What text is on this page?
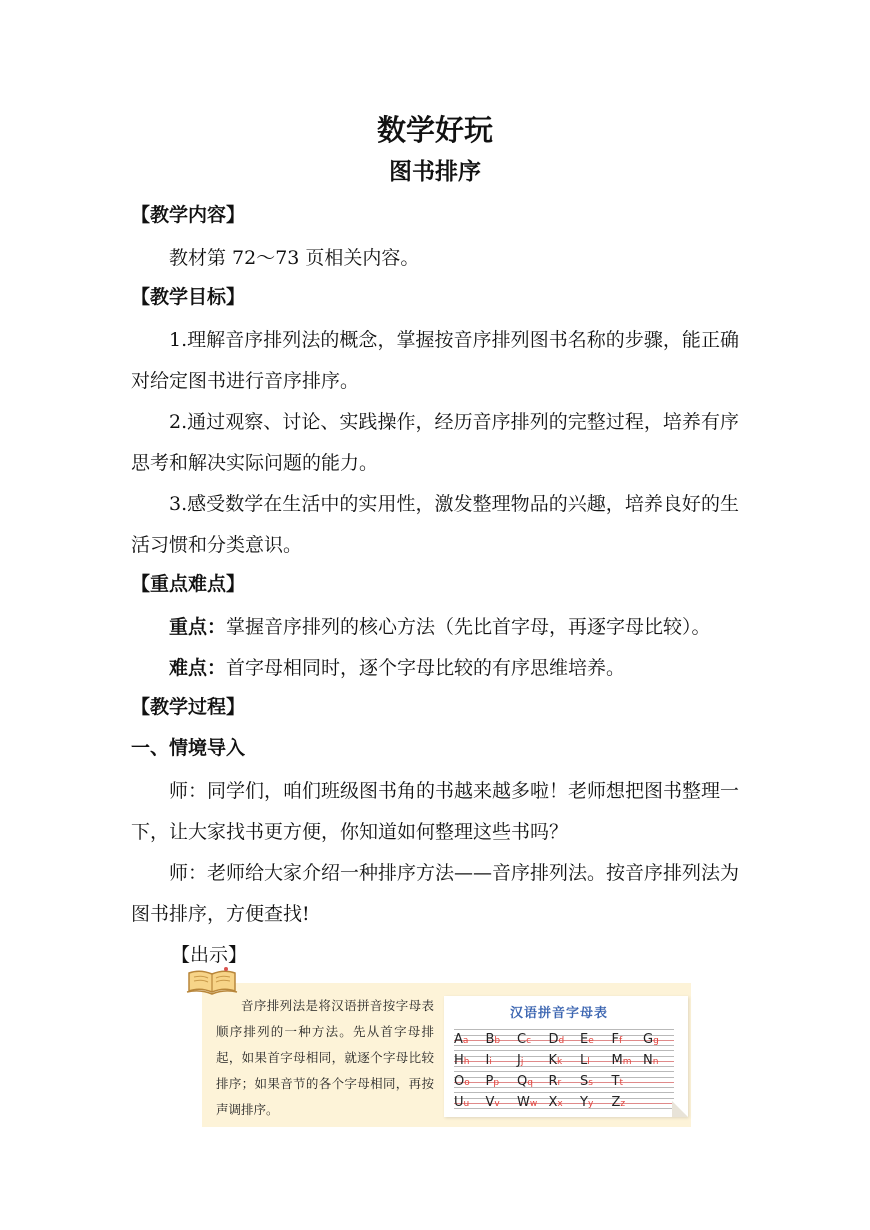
数学好玩
图书排序
【教学内容】
教材第 72～73 页相关内容。
【教学目标】
1.理解音序排列法的概念，掌握按音序排列图书名称的步骤，能正确对给定图书进行音序排序。
2.通过观察、讨论、实践操作，经历音序排列的完整过程，培养有序思考和解决实际问题的能力。
3.感受数学在生活中的实用性，激发整理物品的兴趣，培养良好的生活习惯和分类意识。
【重点难点】
重点：掌握音序排列的核心方法（先比首字母，再逐字母比较）。
难点：首字母相同时，逐个字母比较的有序思维培养。
【教学过程】
一、情境导入
师：同学们，咱们班级图书角的书越来越多啦！老师想把图书整理一下，让大家找书更方便，你知道如何整理这些书吗？
师：老师给大家介绍一种排序方法——音序排列法。按音序排列法为图书排序，方便查找!
【出示】
音序排列法是将汉语拼音按字母表顺序排列的一种方法。先从首字母排起，如果首字母相同，就逐个字母比较排序；如果音节的各个字母相同，再按声调排序。
汉语拼音字母表
Aa Bb Cc Dd Ee Ff Gg
Hh Ii Jj Kk Ll Mm Nn
Oo Pp Qq Rr Ss Tt
Uu Vv Ww Xx Yy Zz
